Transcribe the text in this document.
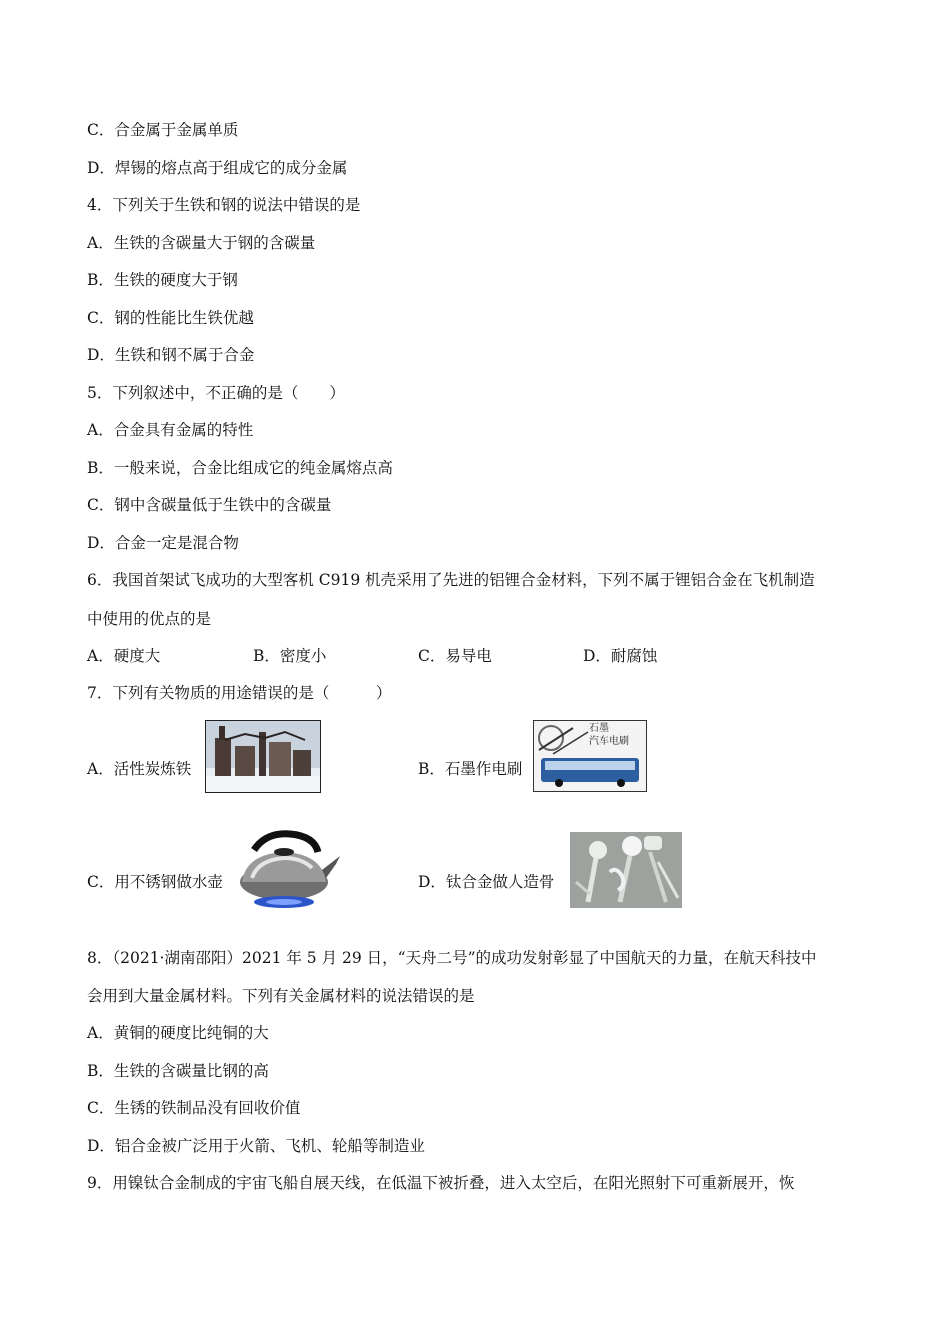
C．合金属于金属单质
D．焊锡的熔点高于组成它的成分金属
4．下列关于生铁和钢的说法中错误的是
A．生铁的含碳量大于钢的含碳量
B．生铁的硬度大于钢
C．钢的性能比生铁优越
D．生铁和钢不属于合金
5．下列叙述中，不正确的是（　　）
A．合金具有金属的特性
B．一般来说，合金比组成它的纯金属熔点高
C．钢中含碳量低于生铁中的含碳量
D．合金一定是混合物
6．我国首架试飞成功的大型客机 C919 机壳采用了先进的铝锂合金材料，下列不属于锂铝合金在飞机制造
中使用的优点的是
A．硬度大	B．密度小	C．易导电	D．耐腐蚀
7．下列有关物质的用途错误的是（　　　）
A．活性炭炼铁	B．石墨作电刷
石墨
汽车电刷
C．用不锈钢做水壶	D．钛合金做人造骨
8．（2021·湖南邵阳）2021 年 5 月 29 日，“天舟二号”的成功发射彰显了中国航天的力量，在航天科技中
会用到大量金属材料。下列有关金属材料的说法错误的是
A．黄铜的硬度比纯铜的大
B．生铁的含碳量比钢的高
C．生锈的铁制品没有回收价值
D．铝合金被广泛用于火箭、飞机、轮船等制造业
9．用镍钛合金制成的宇宙飞船自展天线，在低温下被折叠，进入太空后，在阳光照射下可重新展开，恢
